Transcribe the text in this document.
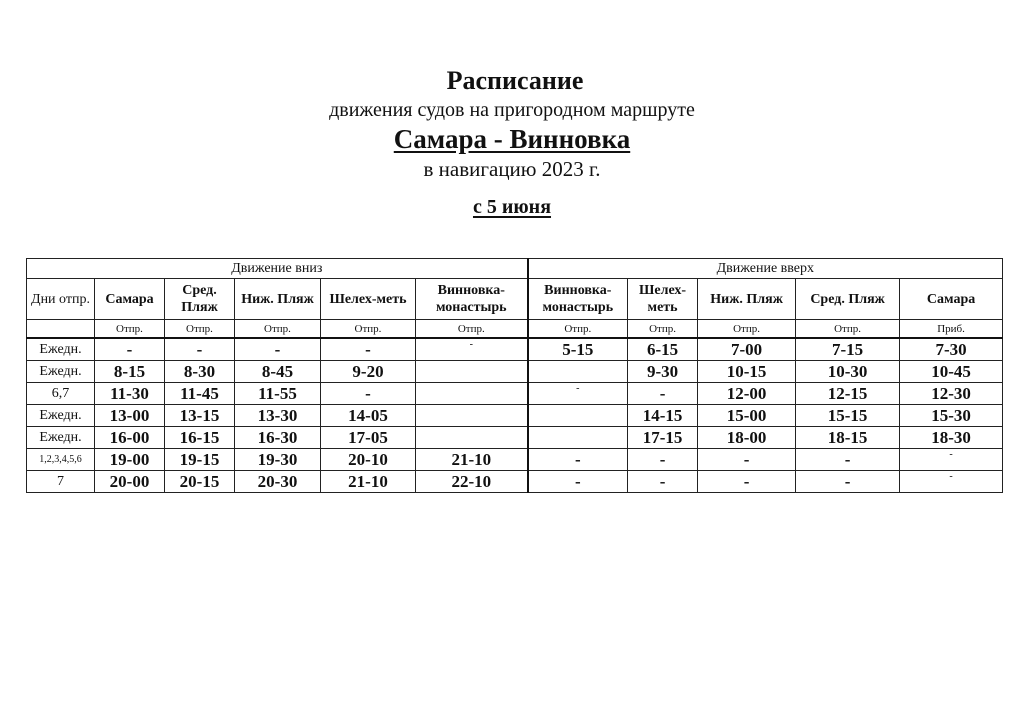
Расписание
движения судов на пригородном маршруте
Самара - Винновка
в навигацию 2023 г.
с 5 июня
Движение вниз						Движение вверх				
Дни отпр.	Самара	Сред. Пляж	Ниж. Пляж	Шелех-меть	Винновка-монастырь	Винновка-монастырь	Шелех-меть	Ниж. Пляж	Сред. Пляж	Самара
	Отпр.	Отпр.	Отпр.	Отпр.	Отпр.	Отпр.	Отпр.	Отпр.	Отпр.	Приб.
Ежедн.	-	-	-	-	-	5-15	6-15	7-00	7-15	7-30
Ежедн.	8-15	8-30	8-45	9-20			9-30	10-15	10-30	10-45
6,7	11-30	11-45	11-55	-		-	-	12-00	12-15	12-30
Ежедн.	13-00	13-15	13-30	14-05			14-15	15-00	15-15	15-30
Ежедн.	16-00	16-15	16-30	17-05			17-15	18-00	18-15	18-30
1,2,3,4,5,6	19-00	19-15	19-30	20-10	21-10	-	-	-	-	-
7	20-00	20-15	20-30	21-10	22-10	-	-	-	-	-
